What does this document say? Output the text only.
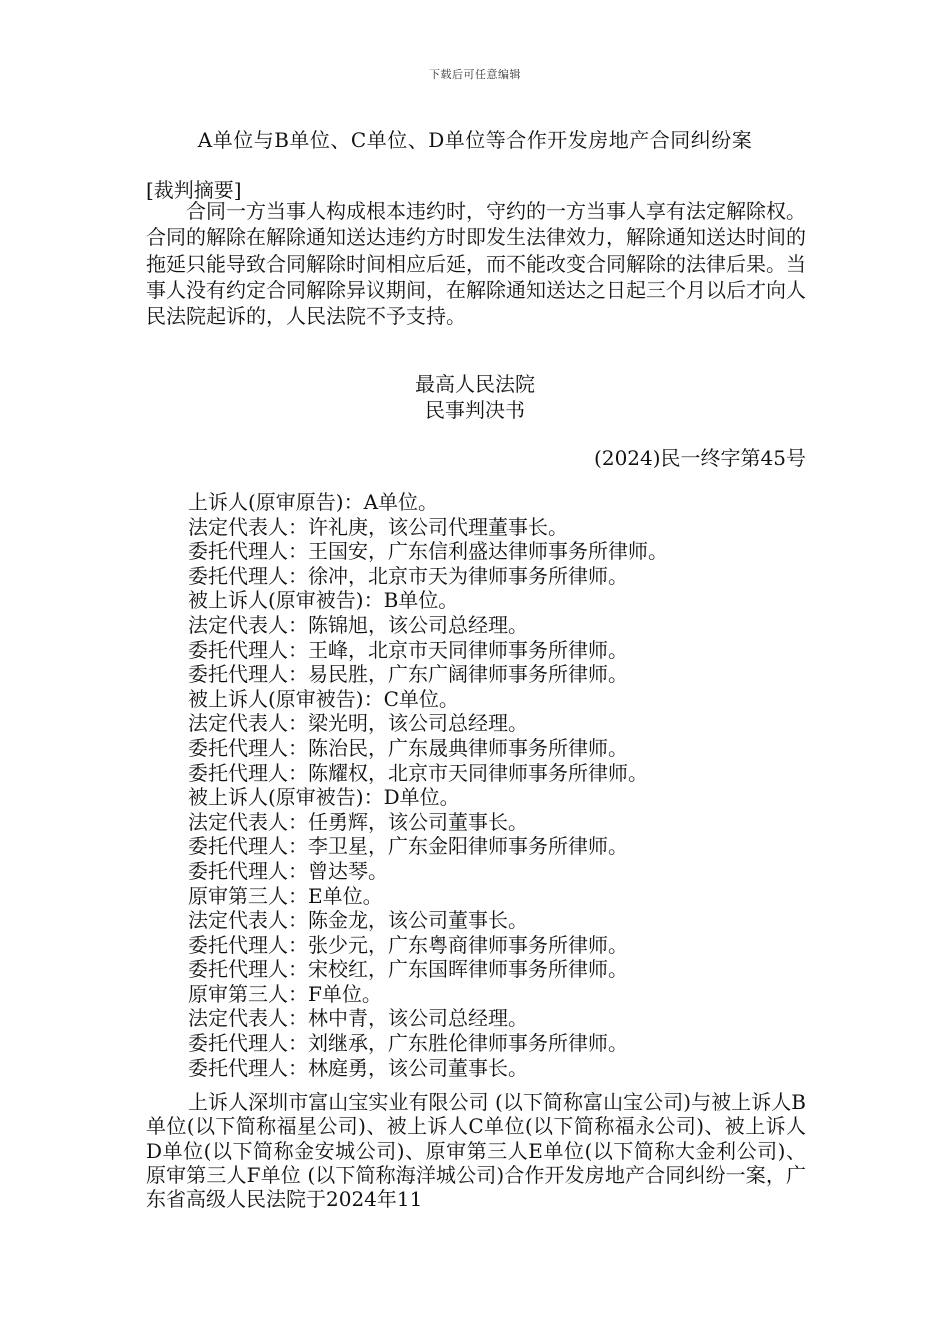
下载后可任意编辑
A单位与B单位、C单位、D单位等合作开发房地产合同纠纷案
[裁判摘要]

合同一方当事人构成根本违约时，守约的一方当事人享有法定解除权。合同的解除在解除通知送达违约方时即发生法律效力，解除通知送达时间的拖延只能导致合同解除时间相应后延，而不能改变合同解除的法律后果。当事人没有约定合同解除异议期间，在解除通知送达之日起三个月以后才向人民法院起诉的，人民法院不予支持。

最高人民法院
民事判决书
(2024)民一终字第45号
上诉人(原审原告)：A单位。
法定代表人：许礼庚，该公司代理董事长。
委托代理人：王国安，广东信利盛达律师事务所律师。
委托代理人：徐冲，北京市天为律师事务所律师。
被上诉人(原审被告)：B单位。
法定代表人：陈锦旭，该公司总经理。
委托代理人：王峰，北京市天同律师事务所律师。
委托代理人：易民胜，广东广阔律师事务所律师。
被上诉人(原审被告)：C单位。
法定代表人：梁光明，该公司总经理。
委托代理人：陈治民，广东晟典律师事务所律师。
委托代理人：陈耀权，北京市天同律师事务所律师。
被上诉人(原审被告)：D单位。
法定代表人：任勇辉，该公司董事长。
委托代理人：李卫星，广东金阳律师事务所律师。
委托代理人：曾达琴。
原审第三人：E单位。
法定代表人：陈金龙，该公司董事长。
委托代理人：张少元，广东粤商律师事务所律师。
委托代理人：宋校红，广东国晖律师事务所律师。
原审第三人：F单位。
法定代表人：林中青，该公司总经理。
委托代理人：刘继承，广东胜伦律师事务所律师。
委托代理人：林庭勇，该公司董事长。

上诉人深圳市富山宝实业有限公司 (以下简称富山宝公司)与被上诉人B单位(以下简称福星公司)、被上诉人C单位(以下简称福永公司)、被上诉人D单位(以下简称金安城公司)、原审第三人E单位(以下简称大金利公司)、原审第三人F单位 (以下简称海洋城公司)合作开发房地产合同纠纷一案，广东省高级人民法院于2024年11
